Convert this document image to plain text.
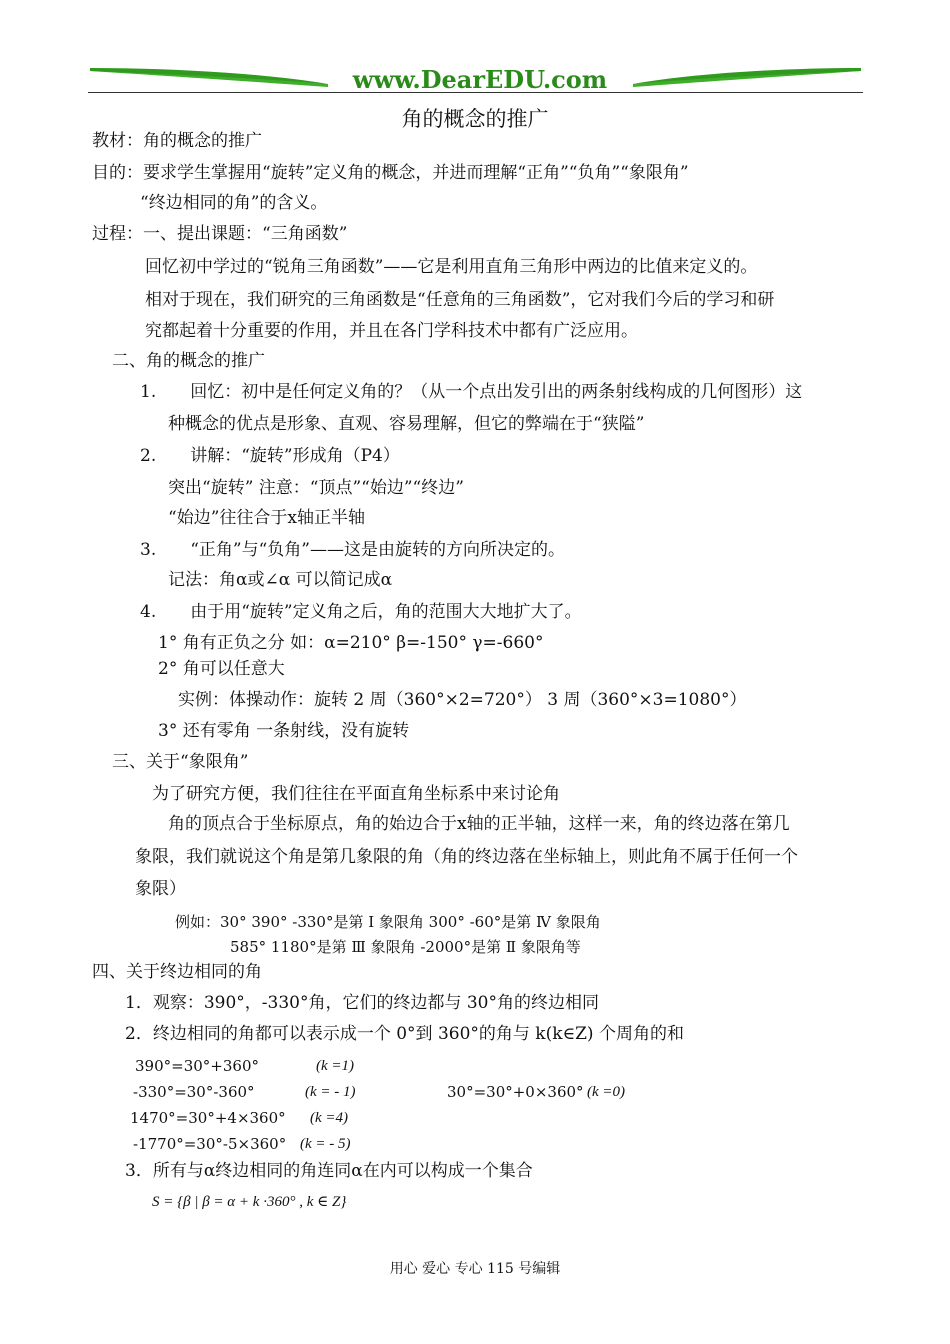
www.DearEDU.com
角的概念的推广
教材：角的概念的推广
目的：要求学生掌握用“旋转”定义角的概念，并进而理解“正角”“负角”“象限角”
“终边相同的角”的含义。
过程：一、提出课题：“三角函数”
回忆初中学过的“锐角三角函数”——它是利用直角三角形中两边的比值来定义的。
相对于现在，我们研究的三角函数是“任意角的三角函数”，它对我们今后的学习和研
究都起着十分重要的作用，并且在各门学科技术中都有广泛应用。
二、角的概念的推广
1.　　回忆：初中是任何定义角的？（从一个点出发引出的两条射线构成的几何图形）这
种概念的优点是形象、直观、容易理解，但它的弊端在于“狭隘”
2.　　讲解：“旋转”形成角（P4）
突出“旋转” 注意：“顶点”“始边”“终边”
“始边”往往合于x轴正半轴
3.　　“正角”与“负角”——这是由旋转的方向所决定的。
记法：角α或∠α 可以简记成α
4.　　由于用“旋转”定义角之后，角的范围大大地扩大了。
1° 角有正负之分 如：α=210° β=-150° γ=-660°
2° 角可以任意大
实例：体操动作：旋转 2 周（360°×2=720°） 3 周（360°×3=1080°）
3° 还有零角 一条射线，没有旋转
三、关于“象限角”
为了研究方便，我们往往在平面直角坐标系中来讨论角
角的顶点合于坐标原点，角的始边合于x轴的正半轴，这样一来，角的终边落在第几
象限，我们就说这个角是第几象限的角（角的终边落在坐标轴上，则此角不属于任何一个
象限）
例如：30° 390° -330°是第 Ⅰ 象限角 300° -60°是第 Ⅳ 象限角
585° 1180°是第 Ⅲ 象限角 -2000°是第 Ⅱ 象限角等
四、关于终边相同的角
1．观察：390°，-330°角，它们的终边都与 30°角的终边相同
2．终边相同的角都可以表示成一个 0°到 360°的角与 k(k∈Z) 个周角的和
390°=30°+360°	(k =1)
-330°=30°-360°	(k = - 1)	30°=30°+0×360° (k =0)
1470°=30°+4×360° (k =4)
-1770°=30°-5×360° (k = - 5)
3．所有与α终边相同的角连同α在内可以构成一个集合
S = {β | β = α + k ·360° , k ∈ Z}
用心 爱心 专心 115 号编辑
